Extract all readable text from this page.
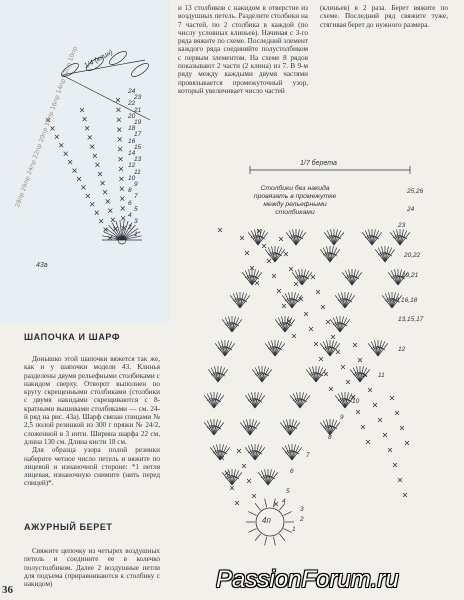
1/7 берета
Столбики без накида провязать в промежутке между рельефными столбиками
1/4 (клин)
43а
4п
28пр 26пр 24пр 22пр 20пр 18пр 16пр 14пр 12пр 10пр	24
23
22
21
20
19
18
17
16
15
14
13
12
11
10
9
8
7
6
5
4
3
2
1
25,26
24
23
20,22
19,21
14,16,18
13,15,17
12
11
10
9
8
7
6
5
4
3
2
1

и 13 столбиков с накидом в отверстие из воздушных петель. Разделите столбики на 7 частей, по 2 столбика в каждой (по числу условных клиньев). Начиная с 3-го ряда вяжите по схеме. Последний элемент каждого ряда соединяйте полустолбиком с первым элементом. На схеме 8 рядов показывают 2 части (2 клина) из 7. В 9-м ряду между каждыми двумя частями провязывается промежуточный узор, который увеличивает число частей

(клиньев) в 2 раза. Берет вяжите по схеме. Последний ряд свяжите туже, стягивая берет до нужного размера.

ШАПОЧКА И ШАРФ

Донышко этой шапочки вяжется так же, как и у шапочки модели 43. Клинья разделены двумя рельефными столбиками с накидом сверху. Отворот выполнен по кругу скрещенными столбиками (столбики с двумя накидами скрещиваются с 8-кратными вышивами столбиками — см. 24-й ряд на рис. 43а). Шарф связан спицами № 2,5 полой резинкой из 300 г пряжи № 24/2, сложенной в 3 нити. Ширина шарфа 22 см, длина 130 см. Длина кисти 18 см.

Для образца узора полой резинки наберите четное число петель и вяжите по лицевой и изнаночной стороне: *1 петля лицевая, изнаночную снимите (нить перед спицей)*.

АЖУРНЫЙ БЕРЕТ

Свяжите цепочку из четырех воздушных петель и соедините ее в колечко полустолбиком. Далее 2 воздушные петли для подъема (приравниваются к столбику с накидом)

36	PassionForum.ru
